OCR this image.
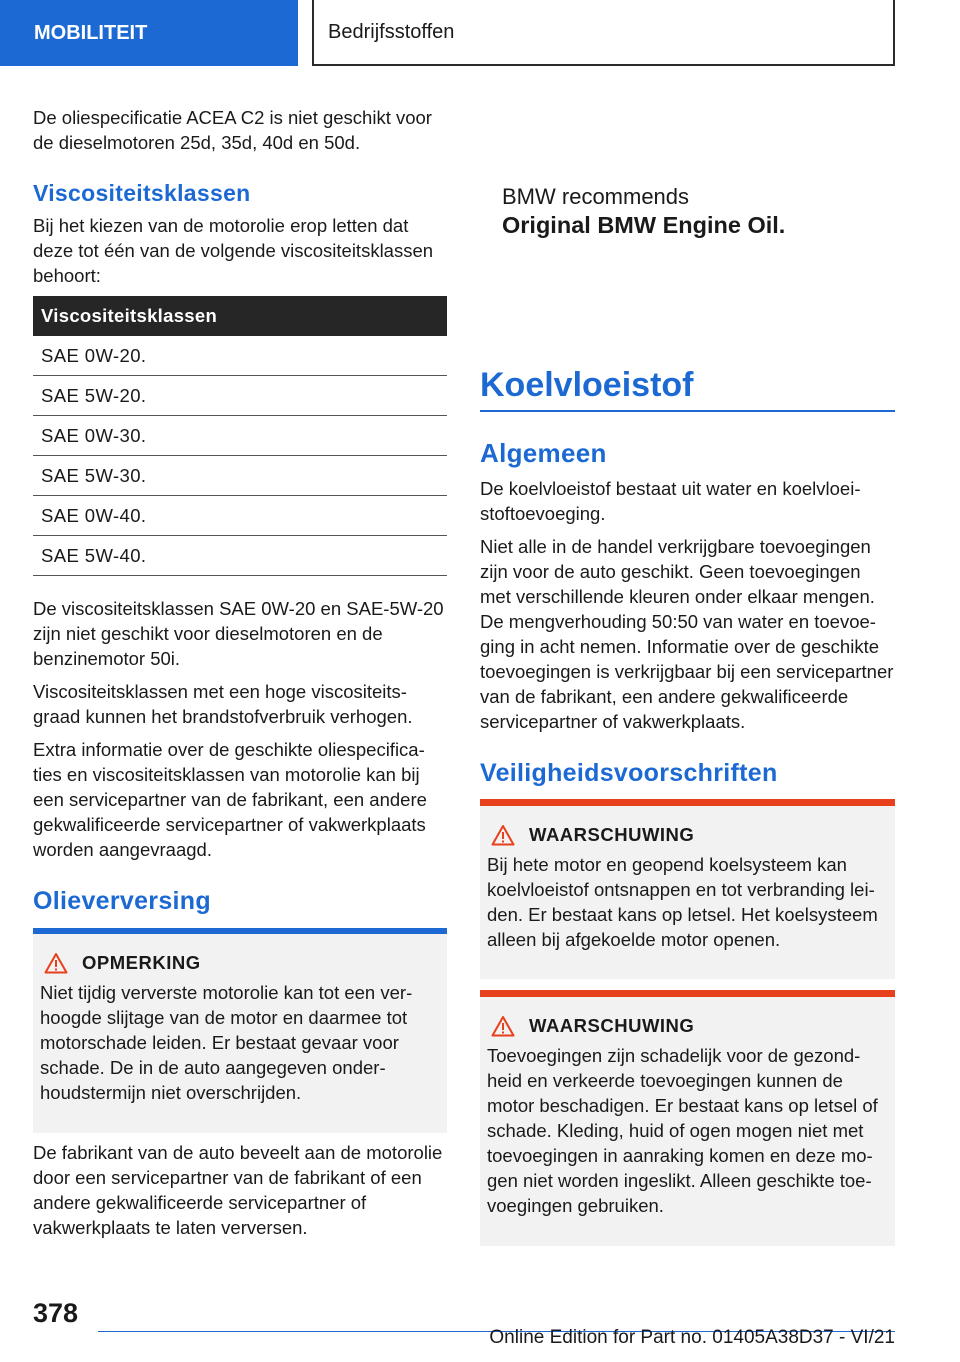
MOBILITEIT	Bedrijfsstoffen

De oliespecificatie ACEA C2 is niet geschikt voor de dieselmotoren 25d, 35d, 40d en 50d.

Viscositeitsklassen

Bij het kiezen van de motorolie erop letten dat deze tot één van de volgende viscositeitsklassen behoort:

Viscositeitsklassen
SAE 0W-20.
SAE 5W-20.
SAE 0W-30.
SAE 5W-30.
SAE 0W-40.
SAE 5W-40.

De viscositeitsklassen SAE 0W-20 en SAE-5W-20 zijn niet geschikt voor dieselmotoren en de benzinemotor 50i.

Viscositeitsklassen met een hoge viscositeitsgraad kunnen het brandstofverbruik verhogen.

Extra informatie over de geschikte oliespecificaties en viscositeitsklassen van motorolie kan bij een servicepartner van de fabrikant, een andere gekwalificeerde servicepartner of vakwerkplaats worden aangevraagd.

Olieverversing
OPMERKING

Niet tijdig ververste motorolie kan tot een verhoogde slijtage van de motor en daarmee tot motorschade leiden. Er bestaat gevaar voor schade. De in de auto aangegeven onderhoudstermijn niet overschrijden.

De fabrikant van de auto beveelt aan de motorolie door een servicepartner van de fabrikant of een andere gekwalificeerde servicepartner of vakwerkplaats te laten verversen.

BMW recommends
Original BMW Engine Oil.
Koelvloeistof
Algemeen

De koelvloeistof bestaat uit water en koelvloeistoftoevoeging.

Niet alle in de handel verkrijgbare toevoegingen zijn voor de auto geschikt. Geen toevoegingen met verschillende kleuren onder elkaar mengen. De mengverhouding 50:50 van water en toevoeging in acht nemen. Informatie over de geschikte toevoegingen is verkrijgbaar bij een servicepartner van de fabrikant, een andere gekwalificeerde servicepartner of vakwerkplaats.

Veiligheidsvoorschriften
WAARSCHUWING

Bij hete motor en geopend koelsysteem kan koelvloeistof ontsnappen en tot verbranding leiden. Er bestaat kans op letsel. Het koelsysteem alleen bij afgekoelde motor openen.

WAARSCHUWING

Toevoegingen zijn schadelijk voor de gezondheid en verkeerde toevoegingen kunnen de motor beschadigen. Er bestaat kans op letsel of schade. Kleding, huid of ogen mogen niet met toevoegingen in aanraking komen en deze mogen niet worden ingeslikt. Alleen geschikte toevoegingen gebruiken.

378
Online Edition for Part no. 01405A38D37 - VI/21
